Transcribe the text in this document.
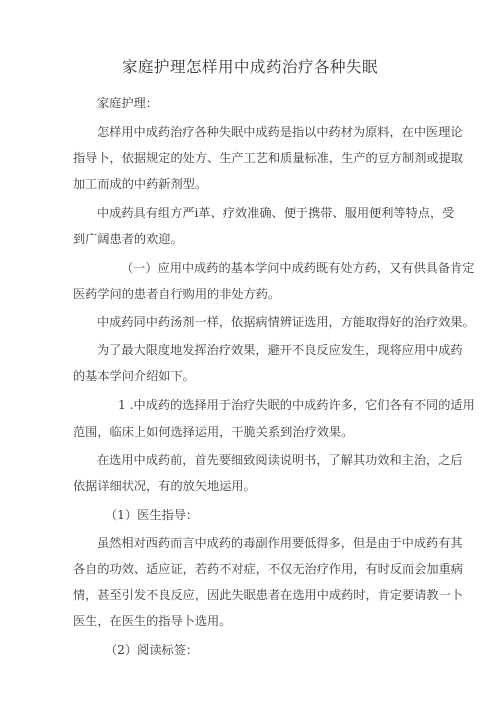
家庭护理怎样用中成药治疗各种失眠
家庭护理：
怎样用中成药治疗各种失眠中成药是指以中药材为原料，在中医理论
指导卜，依据规定的处方、生产工艺和质量标准，生产的豆方制剂或提取
加工而成的中药新剂型。
中成药具有组方严i革、疗效准确、便于携带、服用便利等特点，受
到广阔患者的欢迎。
（一）应用中成药的基本学问中成药既有处方药，又有供具备肯定
医药学问的患者自行购用的非处方药。
中成药同中药汤剂一样，依据病情辨证选用，方能取得好的治疗效果。
为了最大限度地发挥治疗效果，避开不良反应发生，现将应用中成药
的基本学问介绍如下。
1 .中成药的选择用于治疗失眠的中成药许多，它们各有不同的适用
范围，临床上如何选择运用，干脆关系到治疗效果。
在选用中成药前，首先要细致阅读说明书，了解其功效和主治，之后
依据详细状况，有的放矢地运用。
（1）医生指导：
虽然相对西药而言中成药的毒副作用要低得多，但是由于中成药有其
各自的功效、适应证，若药不对症，不仅无治疗作用，有时反而会加重病
情，甚至引发不良反应，因此失眠患者在选用中成药时，肯定要请教一卜
医生，在医生的指导卜选用。
（2）阅读标签：
